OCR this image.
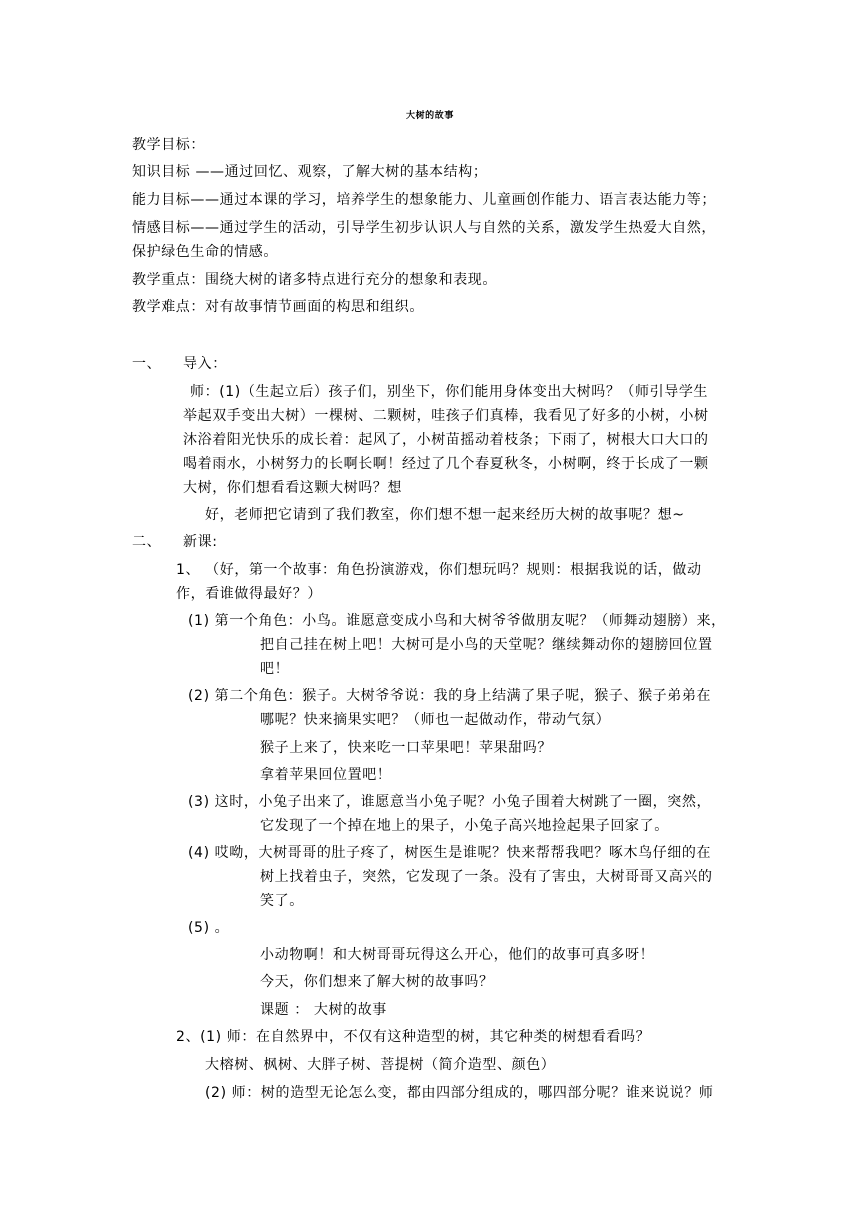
大树的故事
教学目标：
知识目标 ——通过回忆、观察，了解大树的基本结构；
能力目标——通过本课的学习，培养学生的想象能力、儿童画创作能力、语言表达能力等；
情感目标——通过学生的活动，引导学生初步认识人与自然的关系，激发学生热爱大自然，
保护绿色生命的情感。
教学重点：围绕大树的诸多特点进行充分的想象和表现。
教学难点：对有故事情节画面的构思和组织。
一、 导入：
师：(1)（生起立后）孩子们，别坐下，你们能用身体变出大树吗？（师引导学生
举起双手变出大树）一棵树、二颗树，哇孩子们真棒，我看见了好多的小树，小树
沐浴着阳光快乐的成长着：起风了，小树苗摇动着枝条；下雨了，树根大口大口的
喝着雨水，小树努力的长啊长啊！经过了几个春夏秋冬，小树啊，终于长成了一颗
大树，你们想看看这颗大树吗？想
好，老师把它请到了我们教室，你们想不想一起来经历大树的故事呢？想~
二、 新课:
1、 （好，第一个故事：角色扮演游戏，你们想玩吗？规则：根据我说的话，做动
作，看谁做得最好？）
(1) 第一个角色：小鸟。谁愿意变成小鸟和大树爷爷做朋友呢？（师舞动翅膀）来，
把自己挂在树上吧！大树可是小鸟的天堂呢？继续舞动你的翅膀回位置
吧！
(2) 第二个角色：猴子。大树爷爷说：我的身上结满了果子呢，猴子、猴子弟弟在
哪呢？快来摘果实吧？（师也一起做动作，带动气氛）
猴子上来了，快来吃一口苹果吧！苹果甜吗？
拿着苹果回位置吧！
(3) 这时，小兔子出来了，谁愿意当小兔子呢？小兔子围着大树跳了一圈，突然，
它发现了一个掉在地上的果子，小兔子高兴地捡起果子回家了。
(4) 哎呦，大树哥哥的肚子疼了，树医生是谁呢？快来帮帮我吧？啄木鸟仔细的在
树上找着虫子，突然，它发现了一条。没有了害虫，大树哥哥又高兴的
笑了。
(5) 。
小动物啊！和大树哥哥玩得这么开心，他们的故事可真多呀！
今天，你们想来了解大树的故事吗？
课题 ： 大树的故事
2、(1) 师：在自然界中，不仅有这种造型的树，其它种类的树想看看吗？
大榕树、枫树、大胖子树、菩提树（简介造型、颜色）
(2) 师：树的造型无论怎么变，都由四部分组成的，哪四部分呢？谁来说说？师
